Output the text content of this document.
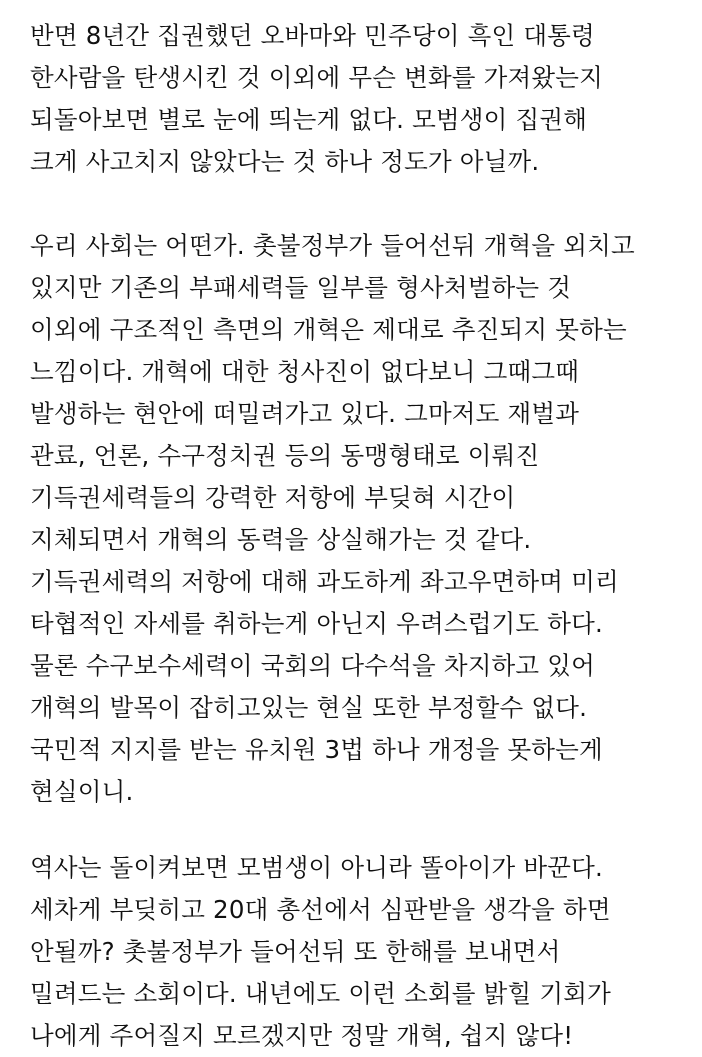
반면 8년간 집권했던 오바마와 민주당이 흑인 대통령
한사람을 탄생시킨 것 이외에 무슨 변화를 가져왔는지
되돌아보면 별로 눈에 띄는게 없다. 모범생이 집권해
크게 사고치지 않았다는 것 하나 정도가 아닐까.
우리 사회는 어떤가. 촛불정부가 들어선뒤 개혁을 외치고
있지만 기존의 부패세력들 일부를 형사처벌하는 것
이외에 구조적인 측면의 개혁은 제대로 추진되지 못하는
느낌이다. 개혁에 대한 청사진이 없다보니 그때그때
발생하는 현안에 떠밀려가고 있다. 그마저도 재벌과
관료, 언론, 수구정치권 등의 동맹형태로 이뤄진
기득권세력들의 강력한 저항에 부딪혀 시간이
지체되면서 개혁의 동력을 상실해가는 것 같다.
기득권세력의 저항에 대해 과도하게 좌고우면하며 미리
타협적인 자세를 취하는게 아닌지 우려스럽기도 하다.
물론 수구보수세력이 국회의 다수석을 차지하고 있어
개혁의 발목이 잡히고있는 현실 또한 부정할수 없다.
국민적 지지를 받는 유치원 3법 하나 개정을 못하는게
현실이니.
역사는 돌이켜보면 모범생이 아니라 똘아이가 바꾼다.
세차게 부딪히고 20대 총선에서 심판받을 생각을 하면
안될까? 촛불정부가 들어선뒤 또 한해를 보내면서
밀려드는 소회이다. 내년에도 이런 소회를 밝힐 기회가
나에게 주어질지 모르겠지만 정말 개혁, 쉽지 않다!
